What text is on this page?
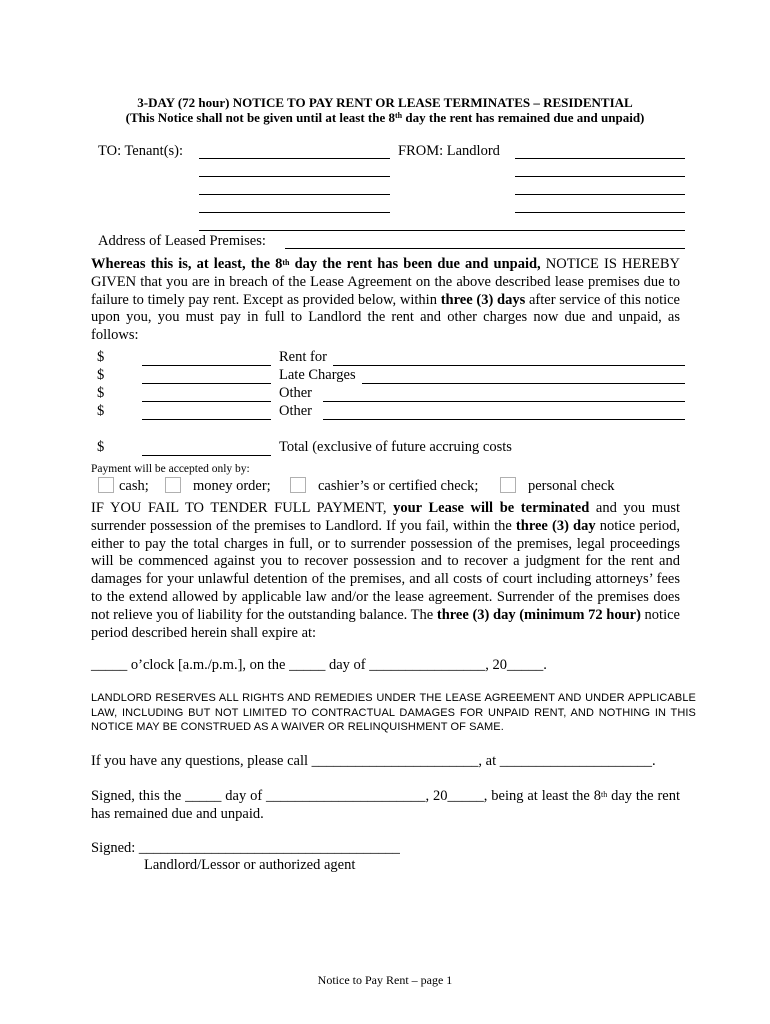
3-DAY (72 hour) NOTICE TO PAY RENT OR LEASE TERMINATES – RESIDENTIAL
(This Notice shall not be given until at least the 8th day the rent has remained due and unpaid)
TO: Tenant(s):	FROM: Landlord
Address of Leased Premises:
Whereas this is, at least, the 8th day the rent has been due and unpaid, NOTICE IS HEREBY GIVEN that you are in breach of the Lease Agreement on the above described lease premises due to failure to timely pay rent. Except as provided below, within three (3) days after service of this notice upon you, you must pay in full to Landlord the rent and other charges now due and unpaid, as follows:
$	Rent for
$	Late Charges
$	Other
$	Other
$	Total (exclusive of future accruing costs
Payment will be accepted only by:
cash;	money order;	cashier’s or certified check;	personal check
IF YOU FAIL TO TENDER FULL PAYMENT, your Lease will be terminated and you must surrender possession of the premises to Landlord. If you fail, within the three (3) day notice period, either to pay the total charges in full, or to surrender possession of the premises, legal proceedings will be commenced against you to recover possession and to recover a judgment for the rent and damages for your unlawful detention of the premises, and all costs of court including attorneys’ fees to the extend allowed by applicable law and/or the lease agreement. Surrender of the premises does not relieve you of liability for the outstanding balance. The three (3) day (minimum 72 hour) notice period described herein shall expire at:
_____ o’clock [a.m./p.m.], on the _____ day of ________________, 20_____.
LANDLORD RESERVES ALL RIGHTS AND REMEDIES UNDER THE LEASE AGREEMENT AND UNDER APPLICABLE LAW, INCLUDING BUT NOT LIMITED TO CONTRACTUAL DAMAGES FOR UNPAID RENT, AND NOTHING IN THIS NOTICE MAY BE CONSTRUED AS A WAIVER OR RELINQUISHMENT OF SAME.
If you have any questions, please call _______________________, at _____________________.
Signed, this the _____ day of ______________________, 20_____, being at least the 8th day the rent has remained due and unpaid.
Signed: ____________________________________
Landlord/Lessor or authorized agent
Notice to Pay Rent – page 1
